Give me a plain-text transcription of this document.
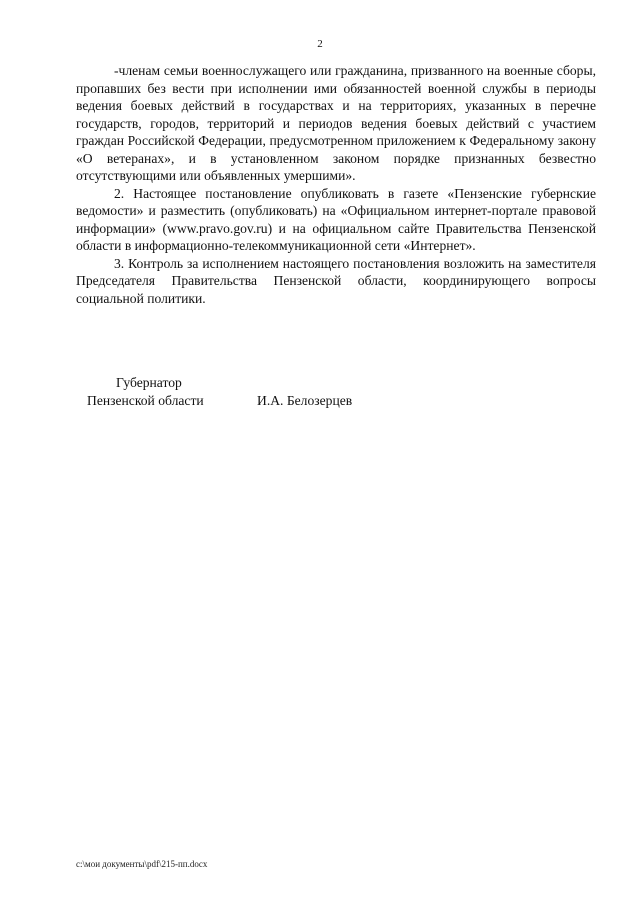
2

-членам семьи военнослужащего или гражданина, призванного на военные сборы, пропавших без вести при исполнении ими обязанностей военной службы в периоды ведения боевых действий в государствах и на территориях, указанных в перечне государств, городов, территорий и периодов ведения боевых действий с участием граждан Российской Федерации, предусмотренном приложением к Федеральному закону «О ветеранах», и в установленном законом порядке признанных безвестно отсутствующими или объявленных умершими».

2. Настоящее постановление опубликовать в газете «Пензенские губернские ведомости» и разместить (опубликовать) на «Официальном интернет-портале правовой информации» (www.pravo.gov.ru) и на официальном сайте Правительства Пензенской области в информационно-телекоммуникационной сети «Интернет».

3. Контроль за исполнением настоящего постановления возложить на заместителя Председателя Правительства Пензенской области, координирующего вопросы социальной политики.

Губернатор
Пензенской области	И.А. Белозерцев
c:\мои документы\pdf\215-пп.docx
